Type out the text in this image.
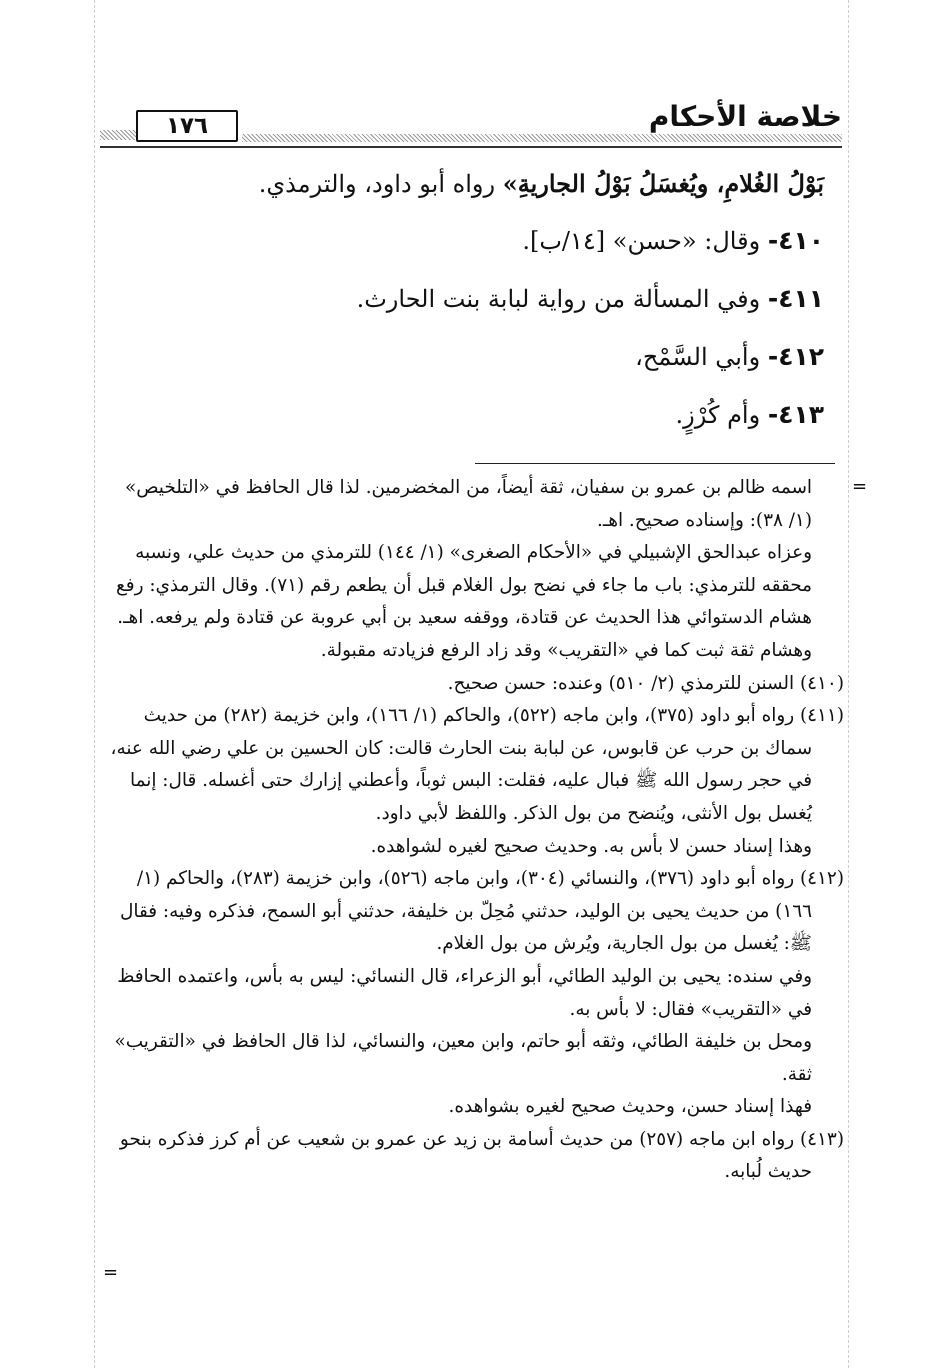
خلاصة الأحكام
١٧٦
بَوْلُ الغُلامِ، ويُغسَلُ بَوْلُ الجاريةِ» رواه أبو داود، والترمذي.
٤١٠- وقال: «حسن» [١٤/ب].
٤١١- وفي المسألة من رواية لبابة بنت الحارث.
٤١٢- وأبي السَّمْح،
٤١٣- وأم كُرْزٍ.
=
=

اسمه ظالم بن عمرو بن سفيان، ثقة أيضاً، من المخضرمين. لذا قال الحافظ في «التلخيص» (١/ ٣٨): وإسناده صحيح. اهـ.

وعزاه عبدالحق الإشبيلي في «الأحكام الصغرى» (١/ ١٤٤) للترمذي من حديث علي، ونسبه محققه للترمذي: باب ما جاء في نضح بول الغلام قبل أن يطعم رقم (٧١). وقال الترمذي: رفع هشام الدستوائي هذا الحديث عن قتادة، ووقفه سعيد بن أبي عروبة عن قتادة ولم يرفعه. اهـ. وهشام ثقة ثبت كما في «التقريب» وقد زاد الرفع فزيادته مقبولة.

(٤١٠) السنن للترمذي (٢/ ٥١٠) وعنده: حسن صحيح.

(٤١١) رواه أبو داود (٣٧٥)، وابن ماجه (٥٢٢)، والحاكم (١/ ١٦٦)، وابن خزيمة (٢٨٢) من حديث سماك بن حرب عن قابوس، عن لبابة بنت الحارث قالت: كان الحسين بن علي رضي الله عنه، في حجر رسول الله ﷺ فبال عليه، فقلت: البس ثوباً، وأعطني إزارك حتى أغسله. قال: إنما يُغسل بول الأنثى، ويُنضح من بول الذكر. واللفظ لأبي داود.

وهذا إسناد حسن لا بأس به. وحديث صحيح لغيره لشواهده.

(٤١٢) رواه أبو داود (٣٧٦)، والنسائي (٣٠٤)، وابن ماجه (٥٢٦)، وابن خزيمة (٢٨٣)، والحاكم (١/ ١٦٦) من حديث يحيى بن الوليد، حدثني مُحِلّ بن خليفة، حدثني أبو السمح، فذكره وفيه: فقال ﷺ: يُغسل من بول الجارية، ويُرش من بول الغلام.

وفي سنده: يحيى بن الوليد الطائي، أبو الزعراء، قال النسائي: ليس به بأس، واعتمده الحافظ في «التقريب» فقال: لا بأس به.

ومحل بن خليفة الطائي، وثقه أبو حاتم، وابن معين، والنسائي، لذا قال الحافظ في «التقريب» ثقة.

فهذا إسناد حسن، وحديث صحيح لغيره بشواهده.

(٤١٣) رواه ابن ماجه (٢٥٧) من حديث أسامة بن زيد عن عمرو بن شعيب عن أم كرز فذكره بنحو حديث لُبابه.
